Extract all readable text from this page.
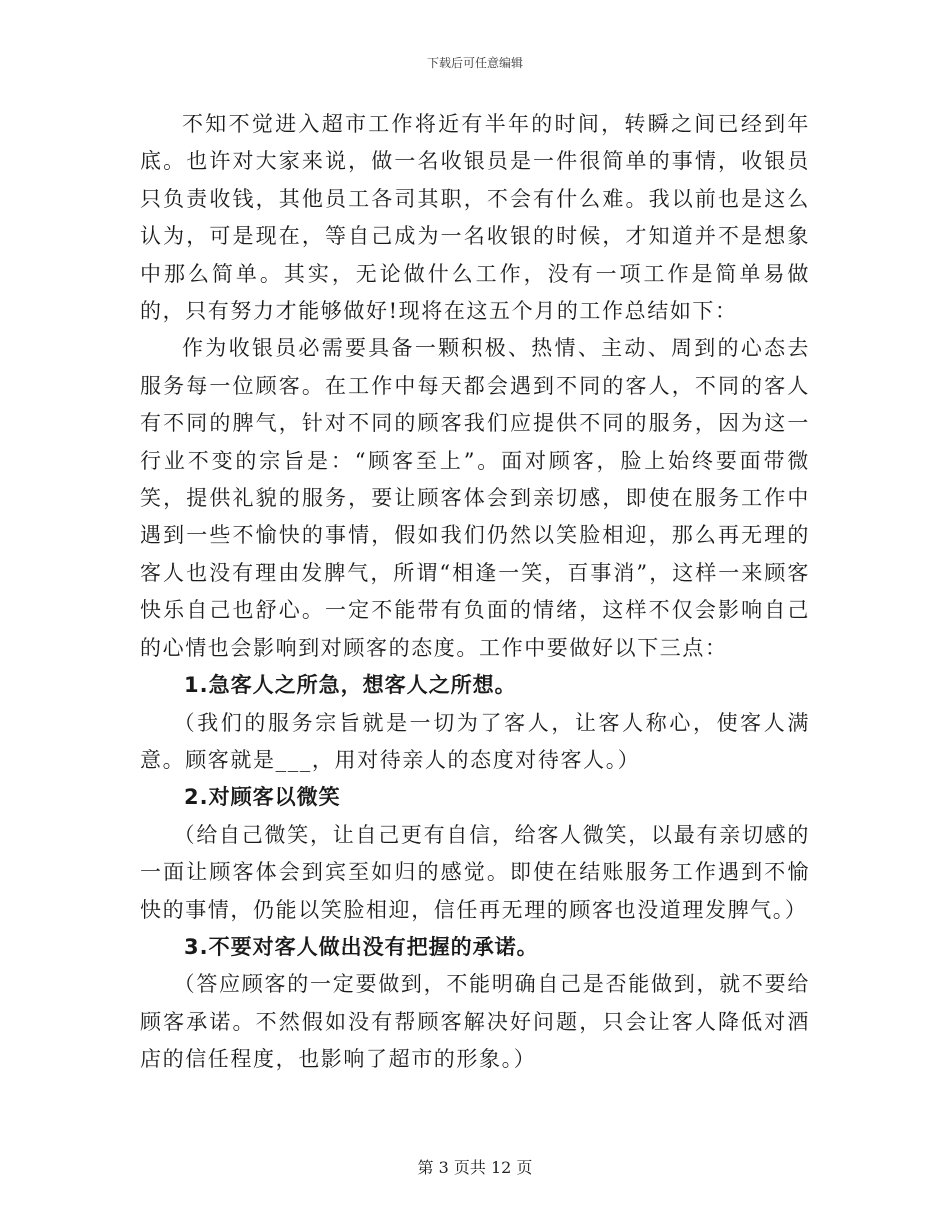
下载后可任意编辑

不知不觉进入超市工作将近有半年的时间，转瞬之间已经到年底。也许对大家来说，做一名收银员是一件很简单的事情，收银员只负责收钱，其他员工各司其职，不会有什么难。我以前也是这么认为，可是现在，等自己成为一名收银的时候，才知道并不是想象中那么简单。其实，无论做什么工作，没有一项工作是简单易做的，只有努力才能够做好!现将在这五个月的工作总结如下：

作为收银员必需要具备一颗积极、热情、主动、周到的心态去服务每一位顾客。在工作中每天都会遇到不同的客人，不同的客人有不同的脾气，针对不同的顾客我们应提供不同的服务，因为这一行业不变的宗旨是：“顾客至上”。面对顾客，脸上始终要面带微笑，提供礼貌的服务，要让顾客体会到亲切感，即使在服务工作中遇到一些不愉快的事情，假如我们仍然以笑脸相迎，那么再无理的客人也没有理由发脾气，所谓“相逢一笑，百事消”，这样一来顾客快乐自己也舒心。一定不能带有负面的情绪，这样不仅会影响自己的心情也会影响到对顾客的态度。工作中要做好以下三点：

1.急客人之所急，想客人之所想。

（我们的服务宗旨就是一切为了客人，让客人称心，使客人满意。顾客就是___，用对待亲人的态度对待客人。）

2.对顾客以微笑

（给自己微笑，让自己更有自信，给客人微笑，以最有亲切感的一面让顾客体会到宾至如归的感觉。即使在结账服务工作遇到不愉快的事情，仍能以笑脸相迎，信任再无理的顾客也没道理发脾气。）

3.不要对客人做出没有把握的承诺。

（答应顾客的一定要做到，不能明确自己是否能做到，就不要给顾客承诺。不然假如没有帮顾客解决好问题，只会让客人降低对酒店的信任程度，也影响了超市的形象。）

第 3 页共 12 页
